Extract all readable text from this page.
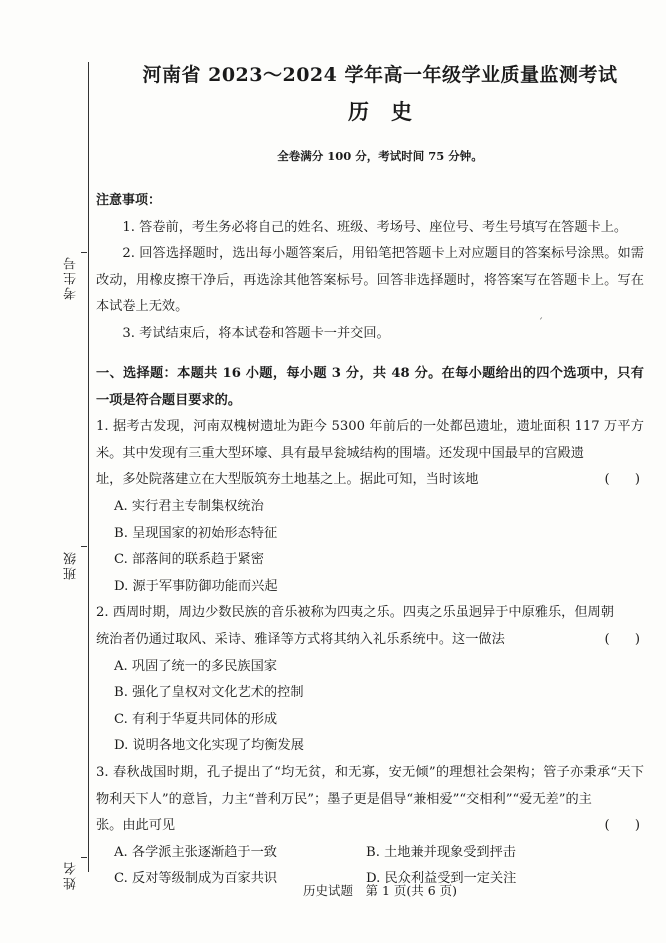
考生号
班级
姓名
河南省 2023～2024 学年高一年级学业质量监测考试
历史
全卷满分 100 分，考试时间 75 分钟。
注意事项：
1. 答卷前，考生务必将自己的姓名、班级、考场号、座位号、考生号填写在答题卡上。
2. 回答选择题时，选出每小题答案后，用铅笔把答题卡上对应题目的答案标号涂黑。如需改动，用橡皮擦干净后，再选涂其他答案标号。回答非选择题时，将答案写在答题卡上。写在本试卷上无效。
3. 考试结束后，将本试卷和答题卡一并交回。
ˊ
一、选择题：本题共 16 小题，每小题 3 分，共 48 分。在每小题给出的四个选项中，只有一项是符合题目要求的。
1. 据考古发现，河南双槐树遗址为距今 5300 年前后的一处都邑遗址，遗址面积 117 万平方米。其中发现有三重大型环壕、具有最早瓮城结构的围墙。还发现中国最早的宫殿遗
址，多处院落建立在大型版筑夯土地基之上。据此可知，当时该地	(      )
A. 实行君主专制集权统治
B. 呈现国家的初始形态特征
C. 部落间的联系趋于紧密
D. 源于军事防御功能而兴起
2. 西周时期，周边少数民族的音乐被称为四夷之乐。四夷之乐虽迥异于中原雅乐，但周朝
统治者仍通过取风、采诗、雅译等方式将其纳入礼乐系统中。这一做法	(      )
A. 巩固了统一的多民族国家
B. 强化了皇权对文化艺术的控制
C. 有利于华夏共同体的形成
D. 说明各地文化实现了均衡发展
3. 春秋战国时期，孔子提出了“均无贫，和无寡，安无倾”的理想社会架构；管子亦秉承“天下物利天下人”的意旨，力主“普利万民”；墨子更是倡导“兼相爱”“交相利”“爱无差”的主
张。由此可见	(      )
A. 各学派主张逐渐趋于一致	B. 土地兼并现象受到抨击
C. 反对等级制成为百家共识	D. 民众利益受到一定关注
历史试题　第 1 页(共 6 页)
